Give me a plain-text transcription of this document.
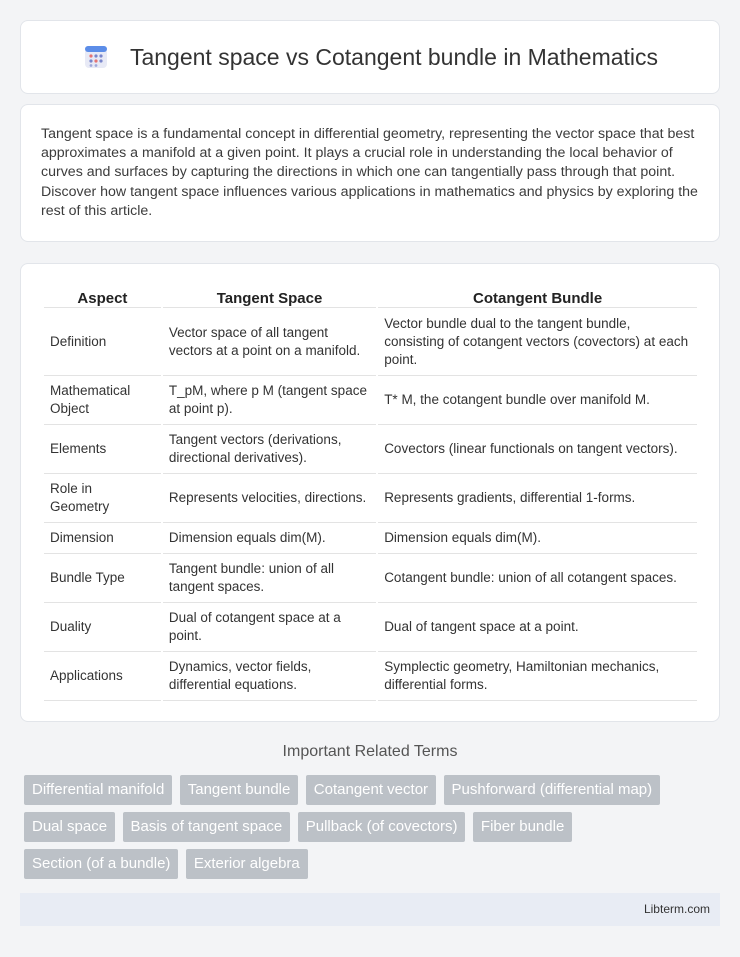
Tangent space vs Cotangent bundle in Mathematics

Tangent space is a fundamental concept in differential geometry, representing the vector space that best approximates a manifold at a given point. It plays a crucial role in understanding the local behavior of curves and surfaces by capturing the directions in which one can tangentially pass through that point. Discover how tangent space influences various applications in mathematics and physics by exploring the rest of this article.

Aspect	Tangent Space	Cotangent Bundle
Definition	Vector space of all tangent vectors at a point on a manifold.	Vector bundle dual to the tangent bundle, consisting of cotangent vectors (covectors) at each point.
Mathematical Object	T_pM, where p M (tangent space at point p).	T* M, the cotangent bundle over manifold M.
Elements	Tangent vectors (derivations, directional derivatives).	Covectors (linear functionals on tangent vectors).
Role in Geometry	Represents velocities, directions.	Represents gradients, differential 1-forms.
Dimension	Dimension equals dim(M).	Dimension equals dim(M).
Bundle Type	Tangent bundle: union of all tangent spaces.	Cotangent bundle: union of all cotangent spaces.
Duality	Dual of cotangent space at a point.	Dual of tangent space at a point.
Applications	Dynamics, vector fields, differential equations.	Symplectic geometry, Hamiltonian mechanics, differential forms.
Important Related Terms
Differential manifold Tangent bundle Cotangent vector Pushforward (differential map) Dual space Basis of tangent space Pullback (of covectors) Fiber bundle Section (of a bundle) Exterior algebra
Libterm.com
